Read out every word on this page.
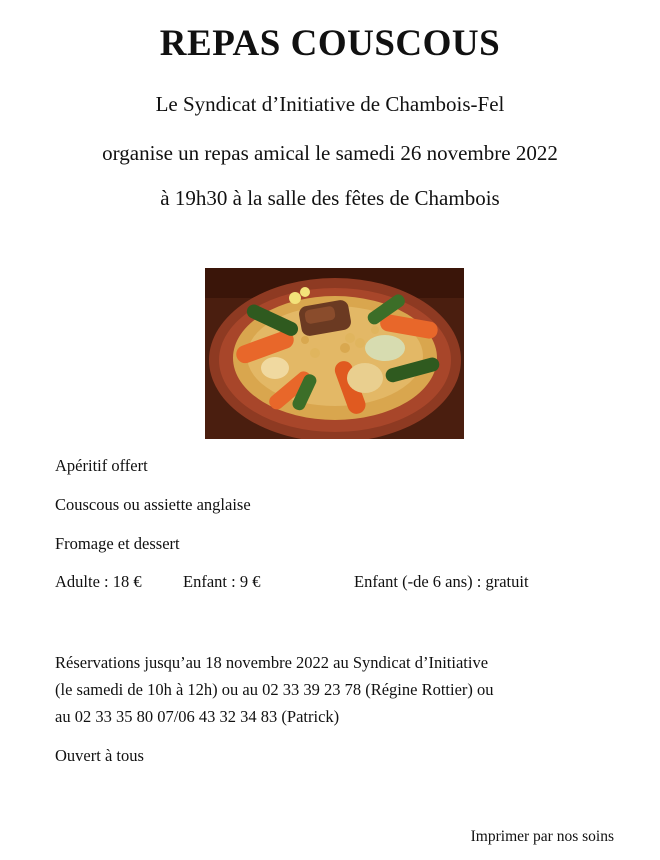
REPAS COUSCOUS

Le Syndicat d’Initiative de Chambois-Fel

organise un repas amical le samedi 26 novembre 2022

à 19h30 à la salle des fêtes de Chambois

Apéritif offert

Couscous ou assiette anglaise

Fromage et dessert

Adulte : 18 €	Enfant : 9 €	Enfant (-de 6 ans) : gratuit

Réservations jusqu’au 18 novembre 2022 au Syndicat d’Initiative
(le samedi de 10h à 12h) ou au 02 33 39 23 78 (Régine Rottier) ou
au 02 33 35 80 07/06 43 32 34 83 (Patrick)

Ouvert à tous

Imprimer par nos soins
